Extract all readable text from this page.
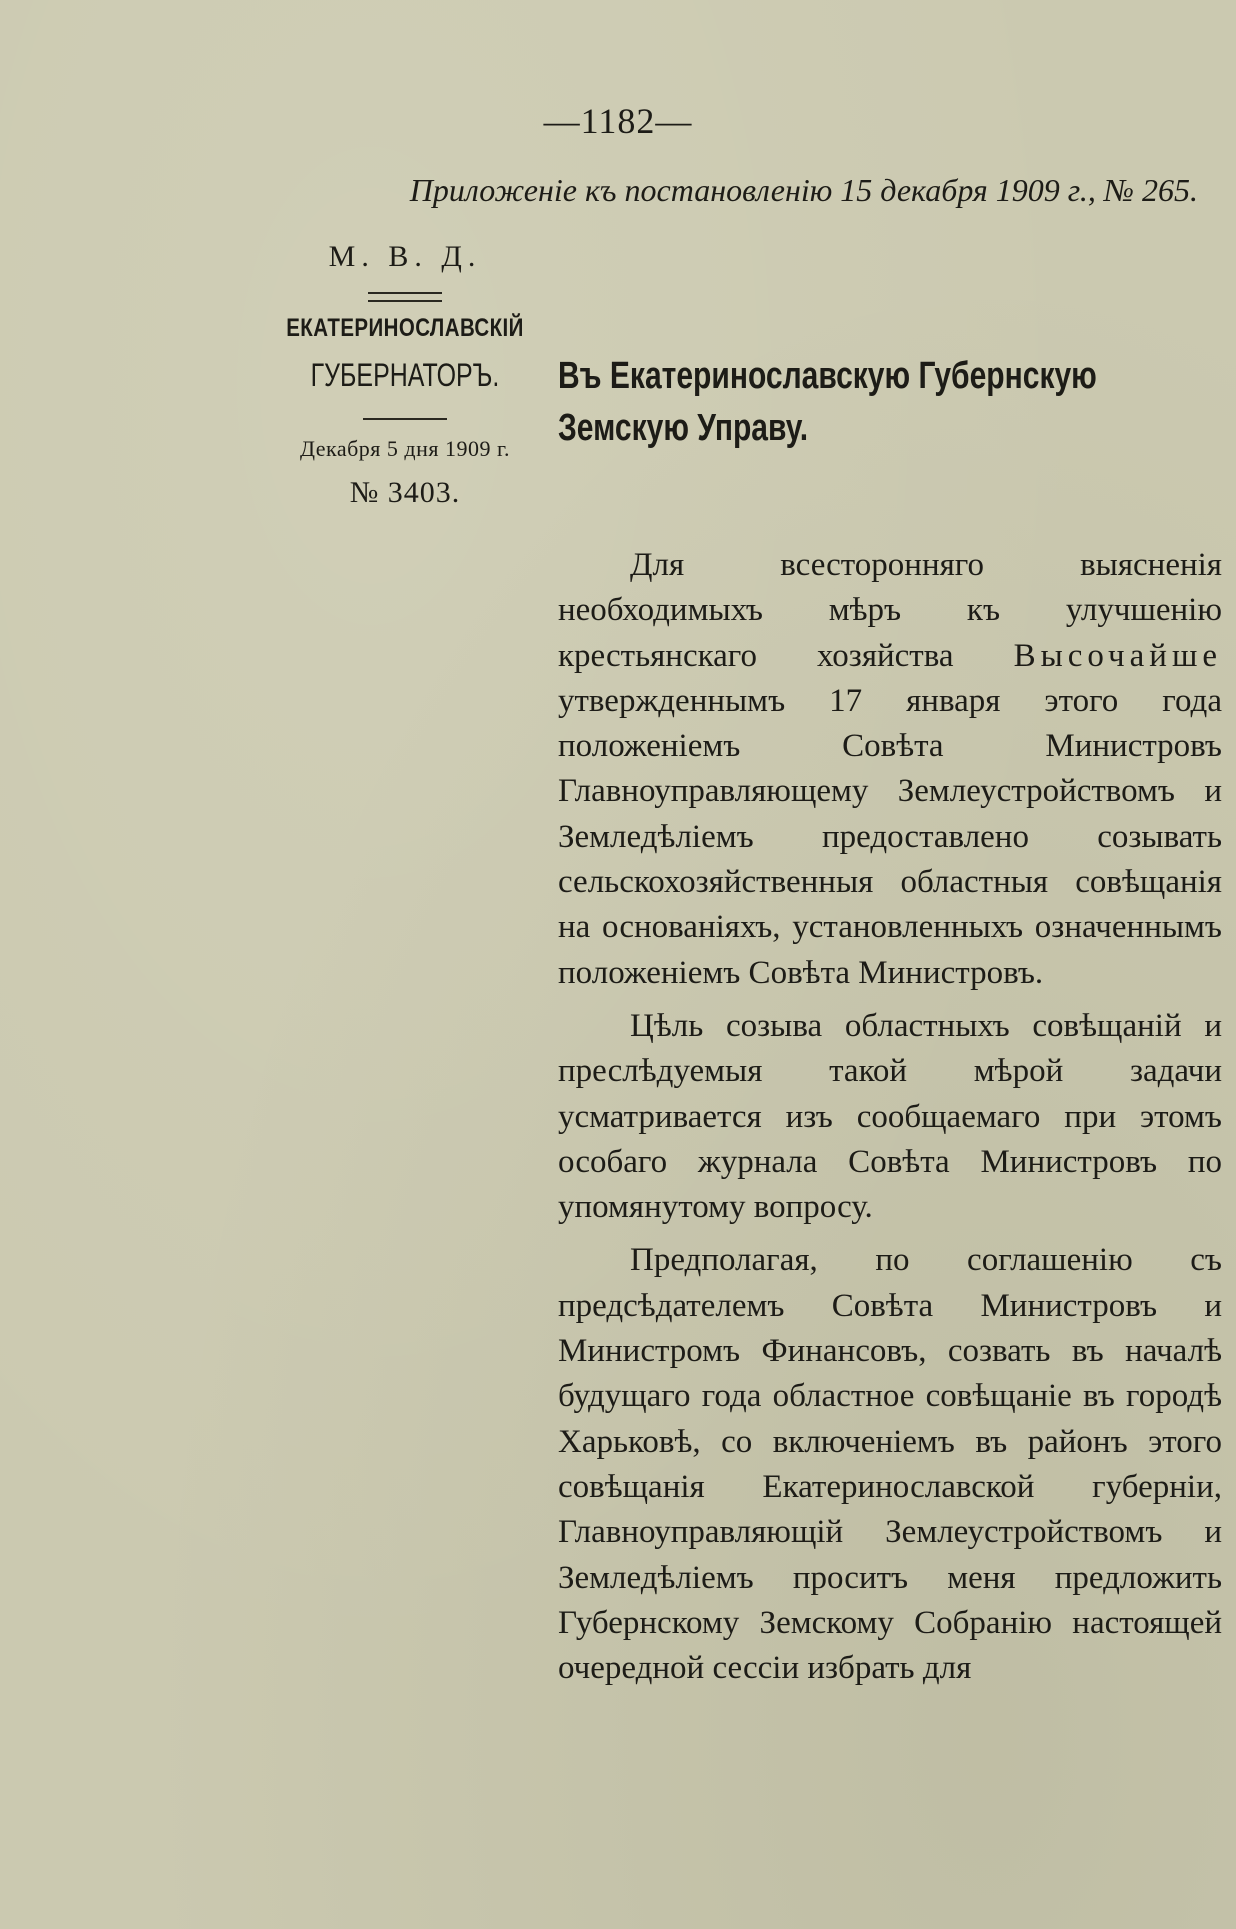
—1182—
Приложеніе къ постановленію 15 декабря 1909 г., № 265.
М. В. Д.
ЕКАТЕРИНОСЛАВСКІЙ
ГУБЕРНАТОРЪ.
Декабря 5 дня 1909 г.
№ 3403.
Въ Екатеринославскую Губернскую
Земскую Управу.

Для всесторонняго выясненія необходимыхъ мѣръ къ улучшенію крестьянскаго хозяйства Высочайше утвержденнымъ 17 января этого года положеніемъ Совѣта Министровъ Главноуправляющему Землеустройствомъ и Земледѣліемъ предоставлено созывать сельскохозяйственныя областныя совѣщанія на основаніяхъ, установленныхъ означеннымъ положеніемъ Совѣта Министровъ.

Цѣль созыва областныхъ совѣщаній и преслѣдуемыя такой мѣрой задачи усматривается изъ сообщаемаго при этомъ особаго журнала Совѣта Министровъ по упомянутому вопросу.

Предполагая, по соглашенію съ предсѣдателемъ Совѣта Министровъ и Министромъ Финансовъ, созвать въ началѣ будущаго года областное совѣщаніе въ городѣ Харьковѣ, со включеніемъ въ районъ этого совѣщанія Екатеринославской губерніи, Главноуправляющій Землеустройствомъ и Земледѣліемъ проситъ меня предложить Губернскому Земскому Собранію настоящей очередной сессіи избрать для
